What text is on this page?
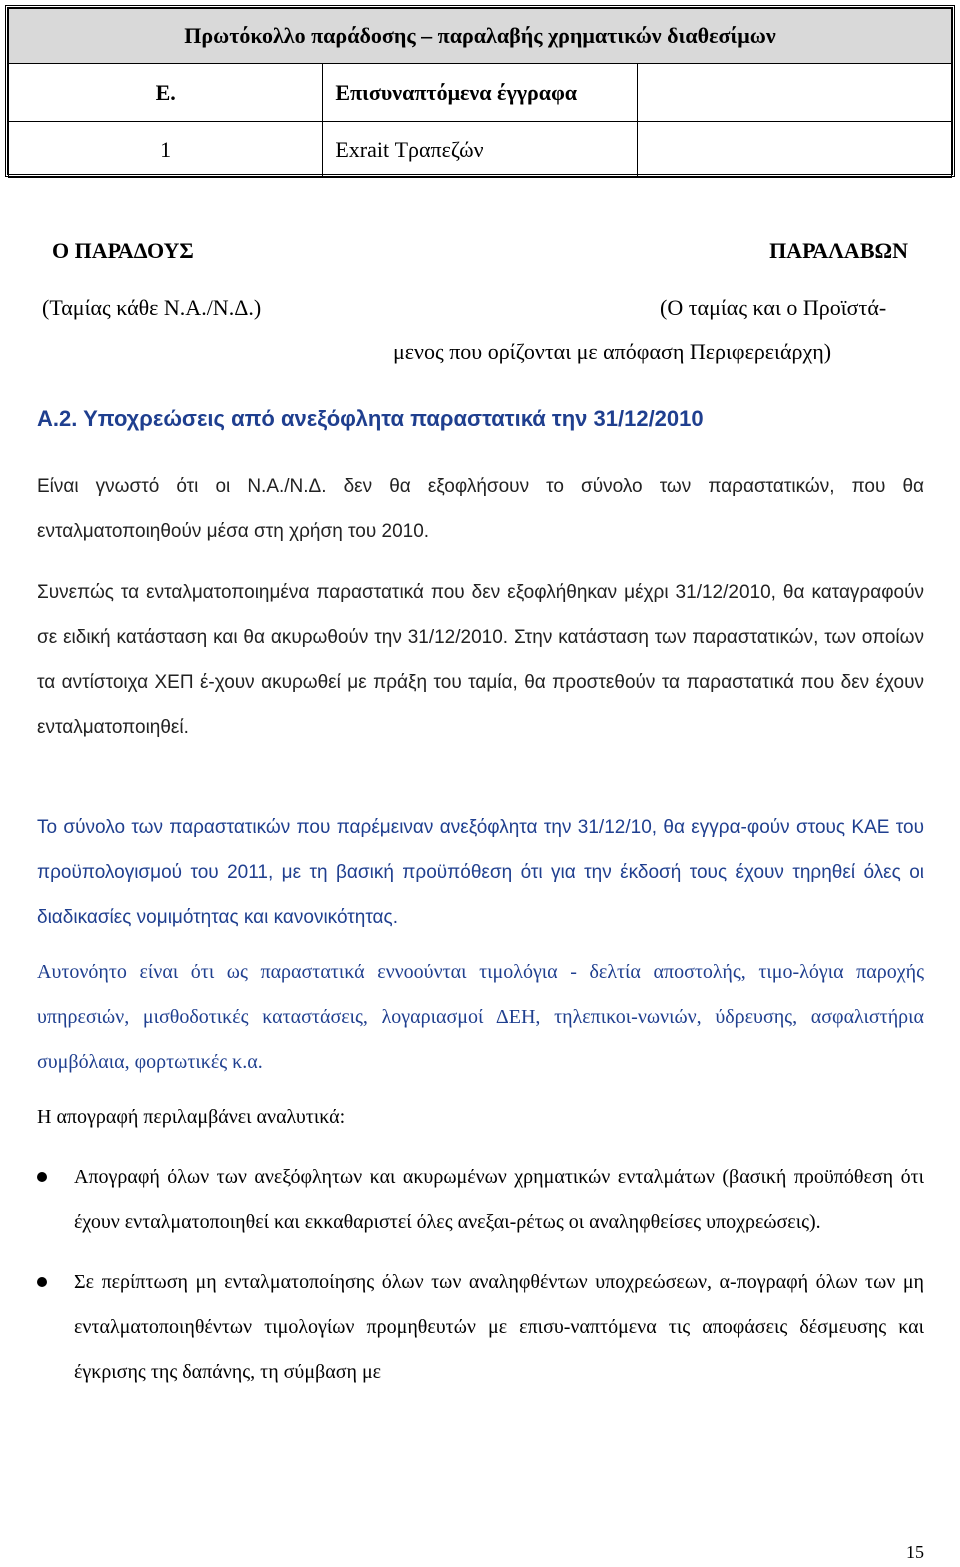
Πρωτόκολλο παράδοσης – παραλαβής χρηματικών διαθεσίμων		
Ε.	Επισυναπτόμενα έγγραφα	
1	Exrait Τραπεζών	
Ο ΠΑΡΑΔΟΥΣ
(Ταμίας κάθε Ν.Α./Ν.Δ.)
ΠΑΡΑΛΑΒΩΝ
(Ο ταμίας και ο Προϊστά-
μενος που ορίζονται με απόφαση Περιφερειάρχη)
Α.2. Υποχρεώσεις από ανεξόφλητα παραστατικά την 31/12/2010
Είναι γνωστό ότι οι Ν.Α./Ν.Δ. δεν θα εξοφλήσουν το σύνολο των παραστατικών, που θα ενταλματοποιηθούν μέσα στη χρήση του 2010.
Συνεπώς τα ενταλματοποιημένα παραστατικά που δεν εξοφλήθηκαν μέχρι 31/12/2010, θα καταγραφούν σε ειδική κατάσταση και θα ακυρωθούν την 31/12/2010. Στην κατάσταση των παραστατικών, των οποίων τα αντίστοιχα ΧΕΠ έ-χουν ακυρωθεί με πράξη του ταμία, θα προστεθούν τα παραστατικά που δεν έχουν ενταλματοποιηθεί.
Το σύνολο των παραστατικών που παρέμειναν ανεξόφλητα την 31/12/10, θα εγγρα-φούν στους ΚΑΕ του προϋπολογισμού του 2011, με τη βασική προϋπόθεση ότι για την έκδοσή τους έχουν τηρηθεί όλες οι διαδικασίες νομιμότητας και κανονικότητας.
Αυτονόητο είναι ότι ως παραστατικά εννοούνται τιμολόγια - δελτία αποστολής, τιμο-λόγια παροχής υπηρεσιών, μισθοδοτικές καταστάσεις, λογαριασμοί ΔΕΗ, τηλεπικοι-νωνιών, ύδρευσης, ασφαλιστήρια συμβόλαια, φορτωτικές κ.α.
Η απογραφή περιλαμβάνει αναλυτικά:
Απογραφή όλων των ανεξόφλητων και ακυρωμένων χρηματικών ενταλμάτων (βασική προϋπόθεση ότι έχουν ενταλματοποιηθεί και εκκαθαριστεί όλες ανεξαι-ρέτως οι αναληφθείσες υποχρεώσεις).
Σε περίπτωση μη ενταλματοποίησης όλων των αναληφθέντων υποχρεώσεων, α-πογραφή όλων των μη ενταλματοποιηθέντων τιμολογίων προμηθευτών με επισυ-ναπτόμενα τις αποφάσεις δέσμευσης και έγκρισης της δαπάνης, τη σύμβαση με
15
